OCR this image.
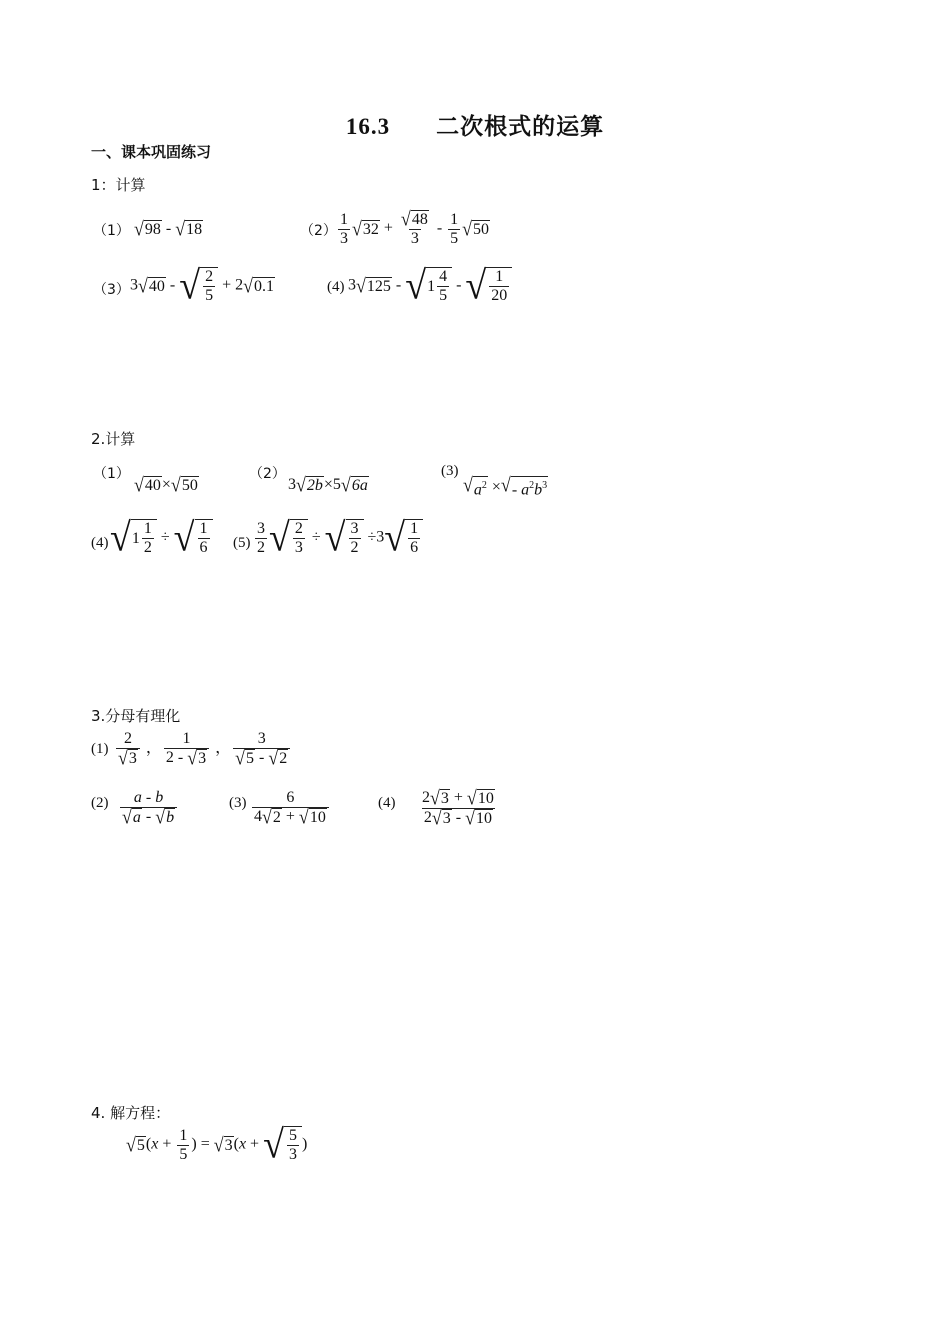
16.3 二次根式的运算
一、课本巩固练习
1：计算
（1） √ 98 - √ 18	$(2) \frac{1}{3}$ √ $32 + \frac{√ 48}{3} - \frac{1}{5}$ √ 50
（3） 3 √ 40 - √ $\frac{2}{5} + 2$ √ 0.1	(4) 3 √ 125 - √ $1 \frac{4}{5}$ - √ $\frac{1}{20}$
2.计算
（1） √ 40 × √ 50
（2）
3 √ 2b ×5 √ 6a
(3)
√ $a^2$ × √ - $a^2b^3$
(4) √ $1 \frac{1}{2}$ ÷ √ $\frac{1}{6} (5) \frac{3}{2}$ √ $\frac{2}{3}$ ÷ √ $\frac{3}{2} \div 3$ √ $\frac{1}{6}$
3.分母有理化
$(1) \frac{2}{√ 3}$ ， $\frac{1}{2 - √ 3}$ ， $\frac{3}{√ 5 - √ 2}$
$(2) \frac{a - b}{√ a - √ b}$	$(3) \frac{6}{4 √ 2 + √ 10}$	$(4) \frac{2 √ 3 + √ 10}{2 √ 3 - √ 10}$
4. 解方程：
√ 5 ($x + \frac{1}{5}$ ) = √ 3 (x + √ $\frac{5}{3}$ )
